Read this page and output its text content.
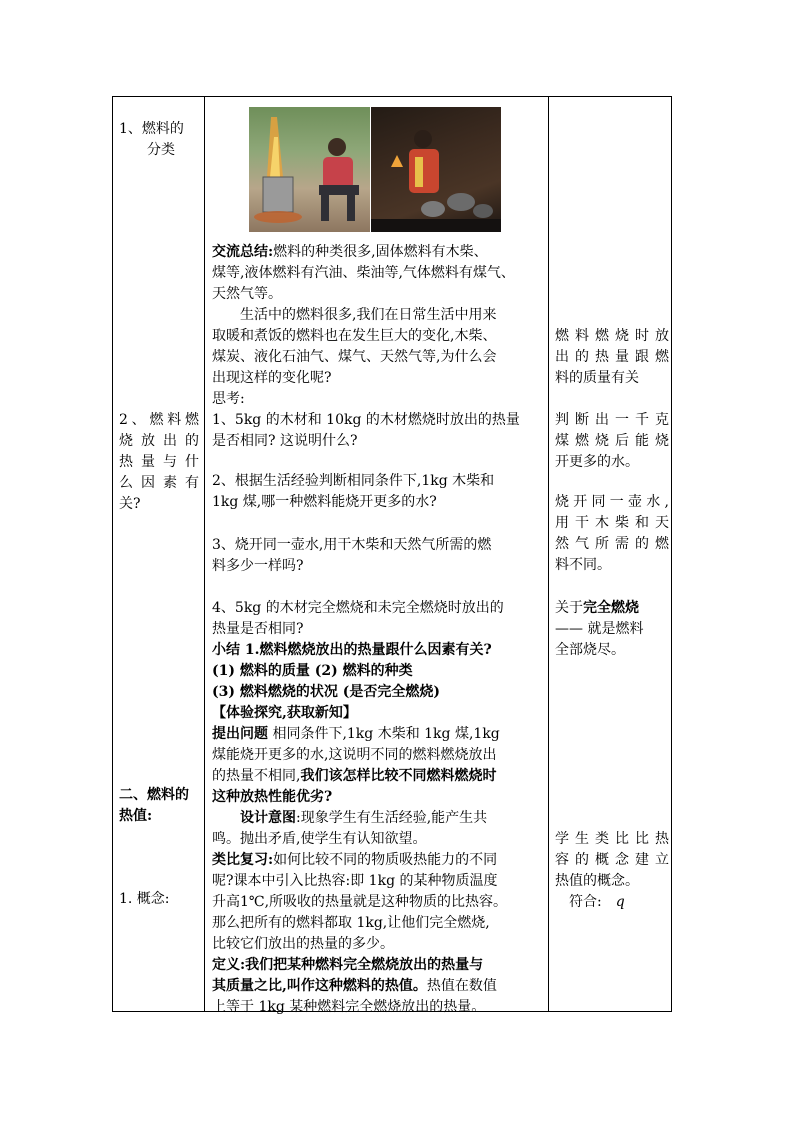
1、燃料的
分类

2、燃料燃
烧放出的
热量与什
么因素有
关?

二、燃料的
热值:

1. 概念:

交流总结:燃料的种类很多,固体燃料有木柴、
煤等,液体燃料有汽油、柴油等,气体燃料有煤气、
天然气等。

生活中的燃料很多,我们在日常生活中用来
取暖和煮饭的燃料也在发生巨大的变化,木柴、
煤炭、液化石油气、煤气、天然气等,为什么会
出现这样的变化呢?
思考:

1、5kg 的木材和 10kg 的木材燃烧时放出的热量
是否相同? 这说明什么?

2、根据生活经验判断相同条件下,1kg 木柴和
1kg 煤,哪一种燃料能烧开更多的水?

3、烧开同一壶水,用干木柴和天然气所需的燃
料多少一样吗?

4、5kg 的木材完全燃烧和未完全燃烧时放出的
热量是否相同?

小结 1.燃料燃烧放出的热量跟什么因素有关?
(1) 燃料的质量 (2) 燃料的种类
(3) 燃料燃烧的状况 (是否完全燃烧)
【体验探究,获取新知】

提出问题 相同条件下,1kg 木柴和 1kg 煤,1kg
煤能烧开更多的水,这说明不同的燃料燃烧放出
的热量不相同,我们该怎样比较不同燃料燃烧时
这种放热性能优劣?

设计意图:现象学生有生活经验,能产生共
鸣。抛出矛盾,使学生有认知欲望。

类比复习:如何比较不同的物质吸热能力的不同
呢?课本中引入比热容:即 1kg 的某种物质温度
升高1℃,所吸收的热量就是这种物质的比热容。
那么把所有的燃料都取 1kg,让他们完全燃烧,
比较它们放出的热量的多少。

定义:我们把某种燃料完全燃烧放出的热量与
其质量之比,叫作这种燃料的热值。热值在数值
上等于 1kg 某种燃料完全燃烧放出的热量。

燃料燃烧时放
出的热量跟燃
料的质量有关

判断出一千克
煤燃烧后能烧
开更多的水。

烧开同一壶水,
用干木柴和天
然气所需的燃
料不同。

关于完全燃烧
—— 就是燃料
全部烧尽。

学生类比比热
容的概念建立
热值的概念。
符合: q
